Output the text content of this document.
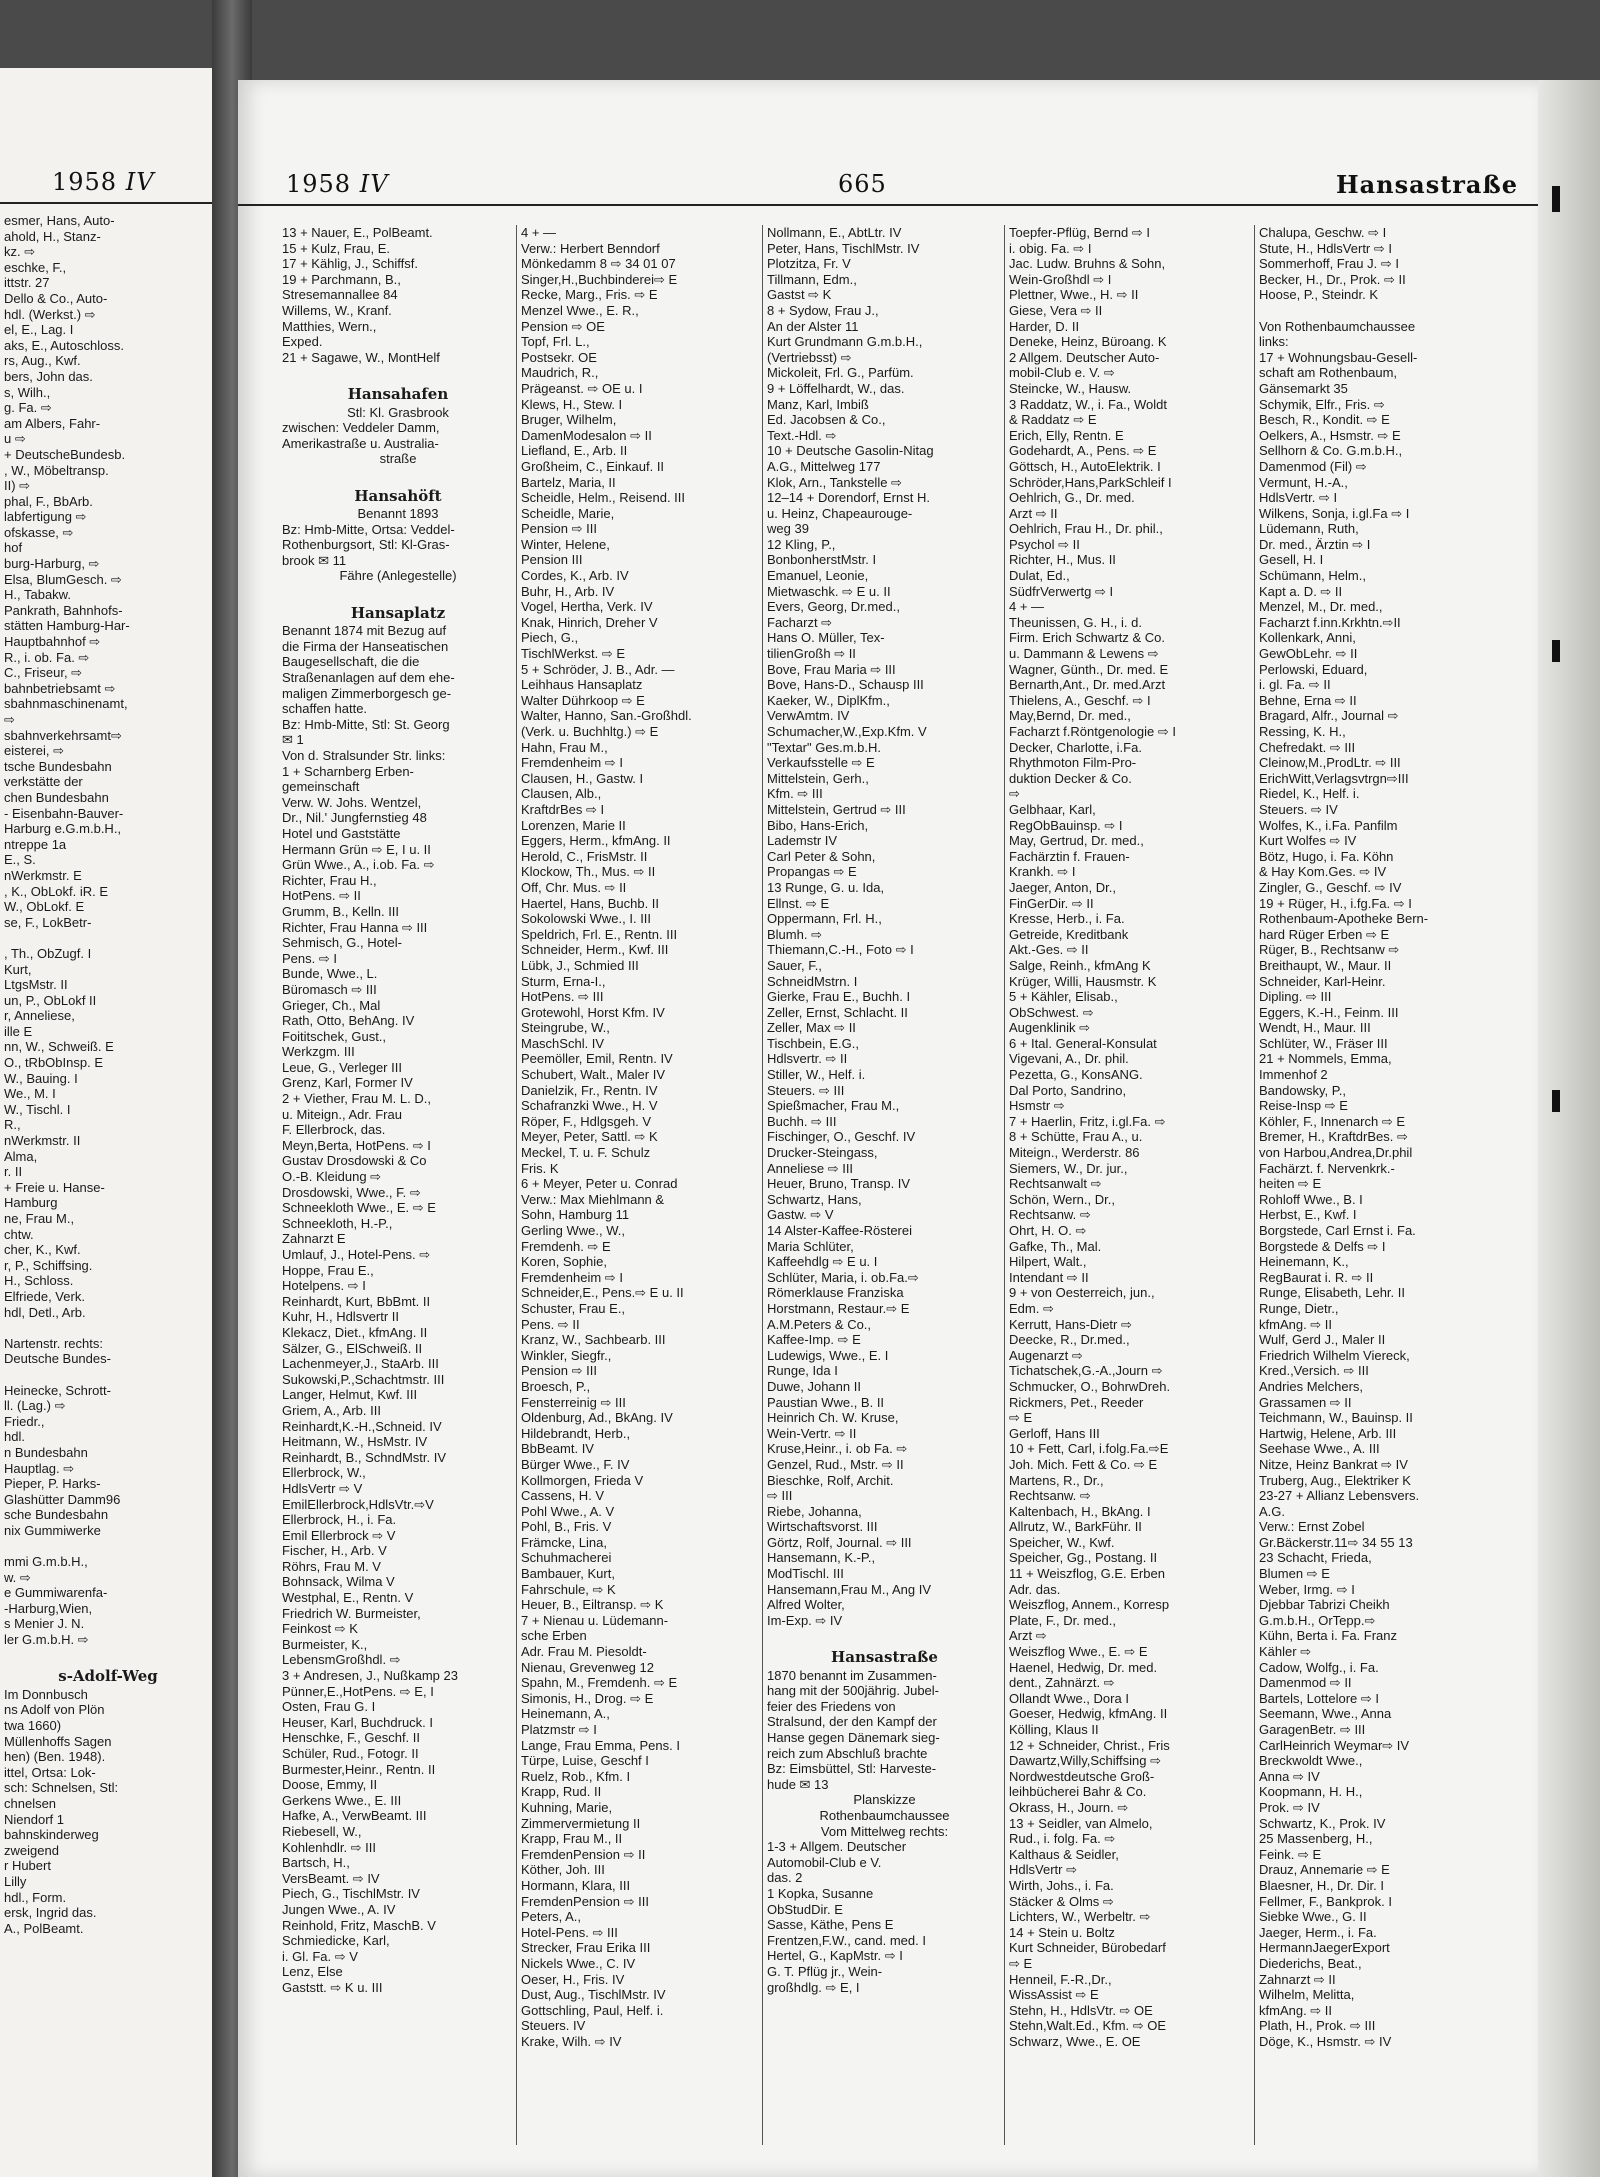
1958 IV
esmer, Hans, Auto-
ahold, H., Stanz-
kz. ⇨
eschke, F.,
ittstr. 27
Dello & Co., Auto-
hdl. (Werkst.) ⇨
el, E., Lag. I
aks, E., Autoschloss.
rs, Aug., Kwf.
bers, John das.
s, Wilh.,
g. Fa. ⇨
am Albers, Fahr-
u ⇨
+ DeutscheBundesb.
, W., Möbeltransp.
II) ⇨
phal, F., BbArb.
labfertigung ⇨
ofskasse, ⇨
hof
burg-Harburg, ⇨
Elsa, BlumGesch. ⇨
H., Tabakw.
Pankrath, Bahnhofs-
stätten Hamburg-Har-
Hauptbahnhof ⇨
R., i. ob. Fa. ⇨
C., Friseur, ⇨
bahnbetriebsamt ⇨
sbahnmaschinenamt,
⇨
sbahnverkehrsamt⇨
eisterei, ⇨
tsche Bundesbahn
verkstätte der
chen Bundesbahn
- Eisenbahn-Bauver-
Harburg e.G.m.b.H.,
ntreppe 1a
E., S.
nWerkmstr. E
, K., ObLokf. iR. E
W., ObLokf. E
se, F., LokBetr-

, Th., ObZugf. I
Kurt,
LtgsMstr. II
un, P., ObLokf II
r, Anneliese,
ille E
nn, W., Schweiß. E
O., tRbObInsp. E
W., Bauing. I
We., M. I
W., Tischl. I
R.,
nWerkmstr. II
Alma,
r. II
+ Freie u. Hanse-
Hamburg
ne, Frau M.,
chtw.
cher, K., Kwf.
r, P., Schiffsing.
H., Schloss.
Elfriede, Verk.
hdl, Detl., Arb.

Nartenstr. rechts:
Deutsche Bundes-

Heinecke, Schrott-
ll. (Lag.) ⇨
Friedr.,
hdl.
n Bundesbahn
Hauptlag. ⇨
Pieper, P. Harks-
Glashütter Damm96
sche Bundesbahn
nix Gummiwerke

mmi G.m.b.H.,
w. ⇨
e Gummiwarenfa-
-Harburg,Wien,
s Menier J. N.
ler G.m.b.H. ⇨

s-Adolf-Weg
Im Donnbusch
ns Adolf von Plön
twa 1660)
Müllenhoffs Sagen
hen) (Ben. 1948).
ittel, Ortsa: Lok-
sch: Schnelsen, Stl:
chnelsen
Niendorf 1
bahnskinderweg
zweigend
r Hubert
Lilly
hdl., Form.
ersk, Ingrid das.
A., PolBeamt.
1958 IV	665	Hansastraße
13 + Nauer, E., PolBeamt.
15 + Kulz, Frau, E.
17 + Kählig, J., Schiffsf.
19 + Parchmann, B.,
Stresemannallee 84
Willems, W., Kranf.
Matthies, Wern.,
Exped.
21 + Sagawe, W., MontHelf

Hansahafen
Stl: Kl. Grasbrook
zwischen: Veddeler Damm,
Amerikastraße u. Australia-
straße

Hansahöft
Benannt 1893
Bz: Hmb-Mitte, Ortsa: Veddel-
Rothenburgsort, Stl: Kl-Gras-
brook ✉ 11
Fähre (Anlegestelle)

Hansaplatz
Benannt 1874 mit Bezug auf
die Firma der Hanseatischen
Baugesellschaft, die die
Straßenanlagen auf dem ehe-
maligen Zimmerborgesch ge-
schaffen hatte.
Bz: Hmb-Mitte, Stl: St. Georg
✉ 1
Von d. Stralsunder Str. links:
1 + Scharnberg Erben-
gemeinschaft
Verw. W. Johs. Wentzel,
Dr., Nil.' Jungfernstieg 48
Hotel und Gaststätte
Hermann Grün ⇨ E, I u. II
Grün Wwe., A., i.ob. Fa. ⇨
Richter, Frau H.,
HotPens. ⇨ II
Grumm, B., Kelln. III
Richter, Frau Hanna ⇨ III
Sehmisch, G., Hotel-
Pens. ⇨ I
Bunde, Wwe., L.
Büromasch ⇨ III
Grieger, Ch., Mal
Rath, Otto, BehAng. IV
Foititschek, Gust.,
Werkzgm. III
Leue, G., Verleger III
Grenz, Karl, Former IV
2 + Viether, Frau M. L. D.,
u. Miteign., Adr. Frau
F. Ellerbrock, das.
Meyn,Berta, HotPens. ⇨ I
Gustav Drosdowski & Co
O.-B. Kleidung ⇨
Drosdowski, Wwe., F. ⇨
Schneekloth Wwe., E. ⇨ E
Schneekloth, H.-P.,
Zahnarzt E
Umlauf, J., Hotel-Pens. ⇨
Hoppe, Frau E.,
Hotelpens. ⇨ I
Reinhardt, Kurt, BbBmt. II
Kuhr, H., Hdlsvertr II
Klekacz, Diet., kfmAng. II
Sälzer, G., ElSchweiß. II
Lachenmeyer,J., StaArb. III
Sukowski,P.,Schachtmstr. III
Langer, Helmut, Kwf. III
Griem, A., Arb. III
Reinhardt,K.-H.,Schneid. IV
Heitmann, W., HsMstr. IV
Reinhardt, B., SchndMstr. IV
Ellerbrock, W.,
HdlsVertr ⇨ V
EmilEllerbrock,HdlsVtr.⇨V
Ellerbrock, H., i. Fa.
Emil Ellerbrock ⇨ V
Fischer, H., Arb. V
Röhrs, Frau M. V
Bohnsack, Wilma V
Westphal, E., Rentn. V
Friedrich W. Burmeister,
Feinkost ⇨ K
Burmeister, K.,
LebensmGroßhdl. ⇨
3 + Andresen, J., Nußkamp 23
Pünner,E.,HotPens. ⇨ E, I
Osten, Frau G. I
Heuser, Karl, Buchdruck. I
Henschke, F., Geschf. II
Schüler, Rud., Fotogr. II
Burmester,Heinr., Rentn. II
Doose, Emmy, II
Gerkens Wwe., E. III
Hafke, A., VerwBeamt. III
Riebesell, W.,
Kohlenhdlr. ⇨ III
Bartsch, H.,
VersBeamt. ⇨ IV
Piech, G., TischlMstr. IV
Jungen Wwe., A. IV
Reinhold, Fritz, MaschB. V
Schmiedicke, Karl,
i. Gl. Fa. ⇨ V
Lenz, Else
Gaststt. ⇨ K u. III
4 + —
Verw.: Herbert Benndorf
Mönkedamm 8 ⇨ 34 01 07
Singer,H.,Buchbinderei⇨ E
Recke, Marg., Fris. ⇨ E
Menzel Wwe., E. R.,
Pension ⇨ OE
Topf, Frl. L.,
Postsekr. OE
Maudrich, R.,
Prägeanst. ⇨ OE u. I
Klews, H., Stew. I
Bruger, Wilhelm,
DamenModesalon ⇨ II
Liefland, E., Arb. II
Großheim, C., Einkauf. II
Bartelz, Maria, II
Scheidle, Helm., Reisend. III
Scheidle, Marie,
Pension ⇨ III
Winter, Helene,
Pension III
Cordes, K., Arb. IV
Buhr, H., Arb. IV
Vogel, Hertha, Verk. IV
Knak, Hinrich, Dreher V
Piech, G.,
TischlWerkst. ⇨ E
5 + Schröder, J. B., Adr. —
Leihhaus Hansaplatz
Walter Dührkoop ⇨ E
Walter, Hanno, San.-Großhdl.
(Verk. u. Buchhltg.) ⇨ E
Hahn, Frau M.,
Fremdenheim ⇨ I
Clausen, H., Gastw. I
Clausen, Alb.,
KraftdrBes ⇨ I
Lorenzen, Marie II
Eggers, Herm., kfmAng. II
Herold, C., FrisMstr. II
Klockow, Th., Mus. ⇨ II
Off, Chr. Mus. ⇨ II
Haertel, Hans, Buchb. II
Sokolowski Wwe., I. III
Speldrich, Frl. E., Rentn. III
Schneider, Herm., Kwf. III
Lübk, J., Schmied III
Sturm, Erna-I.,
HotPens. ⇨ III
Grotewohl, Horst Kfm. IV
Steingrube, W.,
MaschSchl. IV
Peemöller, Emil, Rentn. IV
Schubert, Walt., Maler IV
Danielzik, Fr., Rentn. IV
Schafranzki Wwe., H. V
Röper, F., Hdlgsgeh. V
Meyer, Peter, Sattl. ⇨ K
Meckel, T. u. F. Schulz
Fris. K
6 + Meyer, Peter u. Conrad
Verw.: Max Miehlmann &
Sohn, Hamburg 11
Gerling Wwe., W.,
Fremdenh. ⇨ E
Koren, Sophie,
Fremdenheim ⇨ I
Schneider,E., Pens.⇨ E u. II
Schuster, Frau E.,
Pens. ⇨ II
Kranz, W., Sachbearb. III
Winkler, Siegfr.,
Pension ⇨ III
Broesch, P.,
Fensterreinig ⇨ III
Oldenburg, Ad., BkAng. IV
Hildebrandt, Herb.,
BbBeamt. IV
Bürger Wwe., F. IV
Kollmorgen, Frieda V
Cassens, H. V
Pohl Wwe., A. V
Pohl, B., Fris. V
Främcke, Lina,
Schuhmacherei
Bambauer, Kurt,
Fahrschule, ⇨ K
Heuer, B., Eiltransp. ⇨ K
7 + Nienau u. Lüdemann-
sche Erben
Adr. Frau M. Piesoldt-
Nienau, Grevenweg 12
Spahn, M., Fremdenh. ⇨ E
Simonis, H., Drog. ⇨ E
Heinemann, A.,
Platzmstr ⇨ I
Lange, Frau Emma, Pens. I
Türpe, Luise, Geschf I
Ruelz, Rob., Kfm. I
Krapp, Rud. II
Kuhning, Marie,
Zimmervermietung II
Krapp, Frau M., II
FremdenPension ⇨ II
Köther, Joh. III
Hormann, Klara, III
FremdenPension ⇨ III
Peters, A.,
Hotel-Pens. ⇨ III
Strecker, Frau Erika III
Nickels Wwe., C. IV
Oeser, H., Fris. IV
Dust, Aug., TischlMstr. IV
Gottschling, Paul, Helf. i.
Steuers. IV
Krake, Wilh. ⇨ IV
Nollmann, E., AbtLtr. IV
Peter, Hans, TischlMstr. IV
Plotzitza, Fr. V
Tillmann, Edm.,
Gastst ⇨ K
8 + Sydow, Frau J.,
An der Alster 11
Kurt Grundmann G.m.b.H.,
(Vertriebsst) ⇨
Mickoleit, Frl. G., Parfüm.
9 + Löffelhardt, W., das.
Manz, Karl, Imbiß
Ed. Jacobsen & Co.,
Text.-Hdl. ⇨
10 + Deutsche Gasolin-Nitag
A.G., Mittelweg 177
Klok, Arn., Tankstelle ⇨
12–14 + Dorendorf, Ernst H.
u. Heinz, Chapeaurouge-
weg 39
12 Kling, P.,
BonbonherstMstr. I
Emanuel, Leonie,
Mietwaschk. ⇨ E u. II
Evers, Georg, Dr.med.,
Facharzt ⇨
Hans O. Müller, Tex-
tilienGroßh ⇨ II
Bove, Frau Maria ⇨ III
Bove, Hans-D., Schausp III
Kaeker, W., DiplKfm.,
VerwAmtm. IV
Schumacher,W.,Exp.Kfm. V
"Textar" Ges.m.b.H.
Verkaufsstelle ⇨ E
Mittelstein, Gerh.,
Kfm. ⇨ III
Mittelstein, Gertrud ⇨ III
Bibo, Hans-Erich,
Lademstr IV
Carl Peter & Sohn,
Propangas ⇨ E
13 Runge, G. u. Ida,
Ellnst. ⇨ E
Oppermann, Frl. H.,
Blumh. ⇨
Thiemann,C.-H., Foto ⇨ I
Sauer, F.,
SchneidMstrn. I
Gierke, Frau E., Buchh. I
Zeller, Ernst, Schlacht. II
Zeller, Max ⇨ II
Tischbein, E.G.,
Hdlsvertr. ⇨ II
Stiller, W., Helf. i.
Steuers. ⇨ III
Spießmacher, Frau M.,
Buchh. ⇨ III
Fischinger, O., Geschf. IV
Drucker-Steingass,
Anneliese ⇨ III
Heuer, Bruno, Transp. IV
Schwartz, Hans,
Gastw. ⇨ V
14 Alster-Kaffee-Rösterei
Maria Schlüter,
Kaffeehdlg ⇨ E u. I
Schlüter, Maria, i. ob.Fa.⇨
Römerklause Franziska
Horstmann, Restaur.⇨ E
A.M.Peters & Co.,
Kaffee-Imp. ⇨ E
Ludewigs, Wwe., E. I
Runge, Ida I
Duwe, Johann II
Paustian Wwe., B. II
Heinrich Ch. W. Kruse,
Wein-Vertr. ⇨ II
Kruse,Heinr., i. ob Fa. ⇨
Genzel, Rud., Mstr. ⇨ II
Bieschke, Rolf, Archit.
⇨ III
Riebe, Johanna,
Wirtschaftsvorst. III
Görtz, Rolf, Journal. ⇨ III
Hansemann, K.-P.,
ModTischl. III
Hansemann,Frau M., Ang IV
Alfred Wolter,
Im-Exp. ⇨ IV

Hansastraße
1870 benannt im Zusammen-
hang mit der 500jährig. Jubel-
feier des Friedens von
Stralsund, der den Kampf der
Hanse gegen Dänemark sieg-
reich zum Abschluß brachte
Bz: Eimsbüttel, Stl: Harveste-
hude ✉ 13
Planskizze
Rothenbaumchaussee
Vom Mittelweg rechts:
1-3 + Allgem. Deutscher
Automobil-Club e V.
das. 2
1 Kopka, Susanne
ObStudDir. E
Sasse, Käthe, Pens E
Frentzen,F.W., cand. med. I
Hertel, G., KapMstr. ⇨ I
G. T. Pflüg jr., Wein-
großhdlg. ⇨ E, I
Toepfer-Pflüg, Bernd ⇨ I
i. obig. Fa. ⇨ I
Jac. Ludw. Bruhns & Sohn,
Wein-Großhdl ⇨ I
Plettner, Wwe., H. ⇨ II
Giese, Vera ⇨ II
Harder, D. II
Deneke, Heinz, Büroang. K
2 Allgem. Deutscher Auto-
mobil-Club e. V. ⇨
Steincke, W., Hausw.
3 Raddatz, W., i. Fa., Woldt
& Raddatz ⇨ E
Erich, Elly, Rentn. E
Godehardt, A., Pens. ⇨ E
Göttsch, H., AutoElektrik. I
Schröder,Hans,ParkSchleif I
Oehlrich, G., Dr. med.
Arzt ⇨ II
Oehlrich, Frau H., Dr. phil.,
Psychol ⇨ II
Richter, H., Mus. II
Dulat, Ed.,
SüdfrVerwertg ⇨ I
4 + —
Theunissen, G. H., i. d.
Firm. Erich Schwartz & Co.
u. Dammann & Lewens ⇨
Wagner, Günth., Dr. med. E
Bernarth,Ant., Dr. med.Arzt
Thielens, A., Geschf. ⇨ I
May,Bernd, Dr. med.,
Facharzt f.Röntgenologie ⇨ I
Decker, Charlotte, i.Fa.
Rhythmoton Film-Pro-
duktion Decker & Co.
⇨
Gelbhaar, Karl,
RegObBauinsp. ⇨ I
May, Gertrud, Dr. med.,
Fachärztin f. Frauen-
Krankh. ⇨ I
Jaeger, Anton, Dr.,
FinGerDir. ⇨ II
Kresse, Herb., i. Fa.
Getreide, Kreditbank
Akt.-Ges. ⇨ II
Salge, Reinh., kfmAng K
Krüger, Willi, Hausmstr. K
5 + Kähler, Elisab.,
ObSchwest. ⇨
Augenklinik ⇨
6 + Ital. General-Konsulat
Vigevani, A., Dr. phil.
Pezetta, G., KonsANG.
Dal Porto, Sandrino,
Hsmstr ⇨
7 + Haerlin, Fritz, i.gl.Fa. ⇨
8 + Schütte, Frau A., u.
Miteign., Werderstr. 86
Siemers, W., Dr. jur.,
Rechtsanwalt ⇨
Schön, Wern., Dr.,
Rechtsanw. ⇨
Ohrt, H. O. ⇨
Gafke, Th., Mal.
Hilpert, Walt.,
Intendant ⇨ II
9 + von Oesterreich, jun.,
Edm. ⇨
Kerrutt, Hans-Dietr ⇨
Deecke, R., Dr.med.,
Augenarzt ⇨
Tichatschek,G.-A.,Journ ⇨
Schmucker, O., BohrwDreh.
Rickmers, Pet., Reeder
⇨ E
Gerloff, Hans III
10 + Fett, Carl, i.folg.Fa.⇨E
Joh. Mich. Fett & Co. ⇨ E
Martens, R., Dr.,
Rechtsanw. ⇨
Kaltenbach, H., BkAng. I
Allrutz, W., BarkFühr. II
Speicher, W., Kwf.
Speicher, Gg., Postang. II
11 + Weiszflog, G.E. Erben
Adr. das.
Weiszflog, Annem., Korresp
Plate, F., Dr. med.,
Arzt ⇨
Weiszflog Wwe., E. ⇨ E
Haenel, Hedwig, Dr. med.
dent., Zahnärzt. ⇨
Ollandt Wwe., Dora I
Goeser, Hedwig, kfmAng. II
Kölling, Klaus II
12 + Schneider, Christ., Fris
Dawartz,Willy,Schiffsing ⇨
Nordwestdeutsche Groß-
leihbücherei Bahr & Co.
Okrass, H., Journ. ⇨
13 + Seidler, van Almelo,
Rud., i. folg. Fa. ⇨
Kalthaus & Seidler,
HdlsVertr ⇨
Wirth, Johs., i. Fa.
Stäcker & Olms ⇨
Lichters, W., Werbeltr. ⇨
14 + Stein u. Boltz
Kurt Schneider, Bürobedarf
⇨ E
Henneil, F.-R.,Dr.,
WissAssist ⇨ E
Stehn, H., HdlsVtr. ⇨ OE
Stehn,Walt.Ed., Kfm. ⇨ OE
Schwarz, Wwe., E. OE
Chalupa, Geschw. ⇨ I
Stute, H., HdlsVertr ⇨ I
Sommerhoff, Frau J. ⇨ I
Becker, H., Dr., Prok. ⇨ II
Hoose, P., Steindr. K

Von Rothenbaumchaussee
links:
17 + Wohnungsbau-Gesell-
schaft am Rothenbaum,
Gänsemarkt 35
Schymik, Elfr., Fris. ⇨
Besch, R., Kondit. ⇨ E
Oelkers, A., Hsmstr. ⇨ E
Sellhorn & Co. G.m.b.H.,
Damenmod (Fil) ⇨
Vermunt, H.-A.,
HdlsVertr. ⇨ I
Wilkens, Sonja, i.gl.Fa ⇨ I
Lüdemann, Ruth,
Dr. med., Ärztin ⇨ I
Gesell, H. I
Schümann, Helm.,
Kapt a. D. ⇨ II
Menzel, M., Dr. med.,
Facharzt f.inn.Krkhtn.⇨II
Kollenkark, Anni,
GewObLehr. ⇨ II
Perlowski, Eduard,
i. gl. Fa. ⇨ II
Behne, Erna ⇨ II
Bragard, Alfr., Journal ⇨
Ressing, K. H.,
Chefredakt. ⇨ III
Cleinow,M.,ProdLtr. ⇨ III
ErichWitt,Verlagsvtrgn⇨III
Riedel, K., Helf. i.
Steuers. ⇨ IV
Wolfes, K., i.Fa. Panfilm
Kurt Wolfes ⇨ IV
Bötz, Hugo, i. Fa. Köhn
& Hay Kom.Ges. ⇨ IV
Zingler, G., Geschf. ⇨ IV
19 + Rüger, H., i.fg.Fa. ⇨ I
Rothenbaum-Apotheke Bern-
hard Rüger Erben ⇨ E
Rüger, B., Rechtsanw ⇨
Breithaupt, W., Maur. II
Schneider, Karl-Heinr.
Dipling. ⇨ III
Eggers, K.-H., Feinm. III
Wendt, H., Maur. III
Schlüter, W., Fräser III
21 + Nommels, Emma,
Immenhof 2
Bandowsky, P.,
Reise-Insp ⇨ E
Köhler, F., Innenarch ⇨ E
Bremer, H., KraftdrBes. ⇨
von Harbou,Andrea,Dr.phil
Fachärzt. f. Nervenkrk.-
heiten ⇨ E
Rohloff Wwe., B. I
Herbst, E., Kwf. I
Borgstede, Carl Ernst i. Fa.
Borgstede & Delfs ⇨ I
Heinemann, K.,
RegBaurat i. R. ⇨ II
Runge, Elisabeth, Lehr. II
Runge, Dietr.,
kfmAng. ⇨ II
Wulf, Gerd J., Maler II
Friedrich Wilhelm Viereck,
Kred.,Versich. ⇨ III
Andries Melchers,
Grassamen ⇨ II
Teichmann, W., Bauinsp. II
Hartwig, Helene, Arb. III
Seehase Wwe., A. III
Nitze, Heinz Bankrat ⇨ IV
Truberg, Aug., Elektriker K
23-27 + Allianz Lebensvers.
A.G.
Verw.: Ernst Zobel
Gr.Bäckerstr.11⇨ 34 55 13
23 Schacht, Frieda,
Blumen ⇨ E
Weber, Irmg. ⇨ I
Djebbar Tabrizi Cheikh
G.m.b.H., OrTepp.⇨
Kühn, Berta i. Fa. Franz
Kähler ⇨
Cadow, Wolfg., i. Fa.
Damenmod ⇨ II
Bartels, Lottelore ⇨ I
Seemann, Wwe., Anna
GaragenBetr. ⇨ III
CarlHeinrich Weymar⇨ IV
Breckwoldt Wwe.,
Anna ⇨ IV
Koopmann, H. H.,
Prok. ⇨ IV
Schwartz, K., Prok. IV
25 Massenberg, H.,
Feink. ⇨ E
Drauz, Annemarie ⇨ E
Blaesner, H., Dr. Dir. I
Fellmer, F., Bankprok. I
Siebke Wwe., G. II
Jaeger, Herm., i. Fa.
HermannJaegerExport
Diederichs, Beat.,
Zahnarzt ⇨ II
Wilhelm, Melitta,
kfmAng. ⇨ II
Plath, H., Prok. ⇨ III
Döge, K., Hsmstr. ⇨ IV
